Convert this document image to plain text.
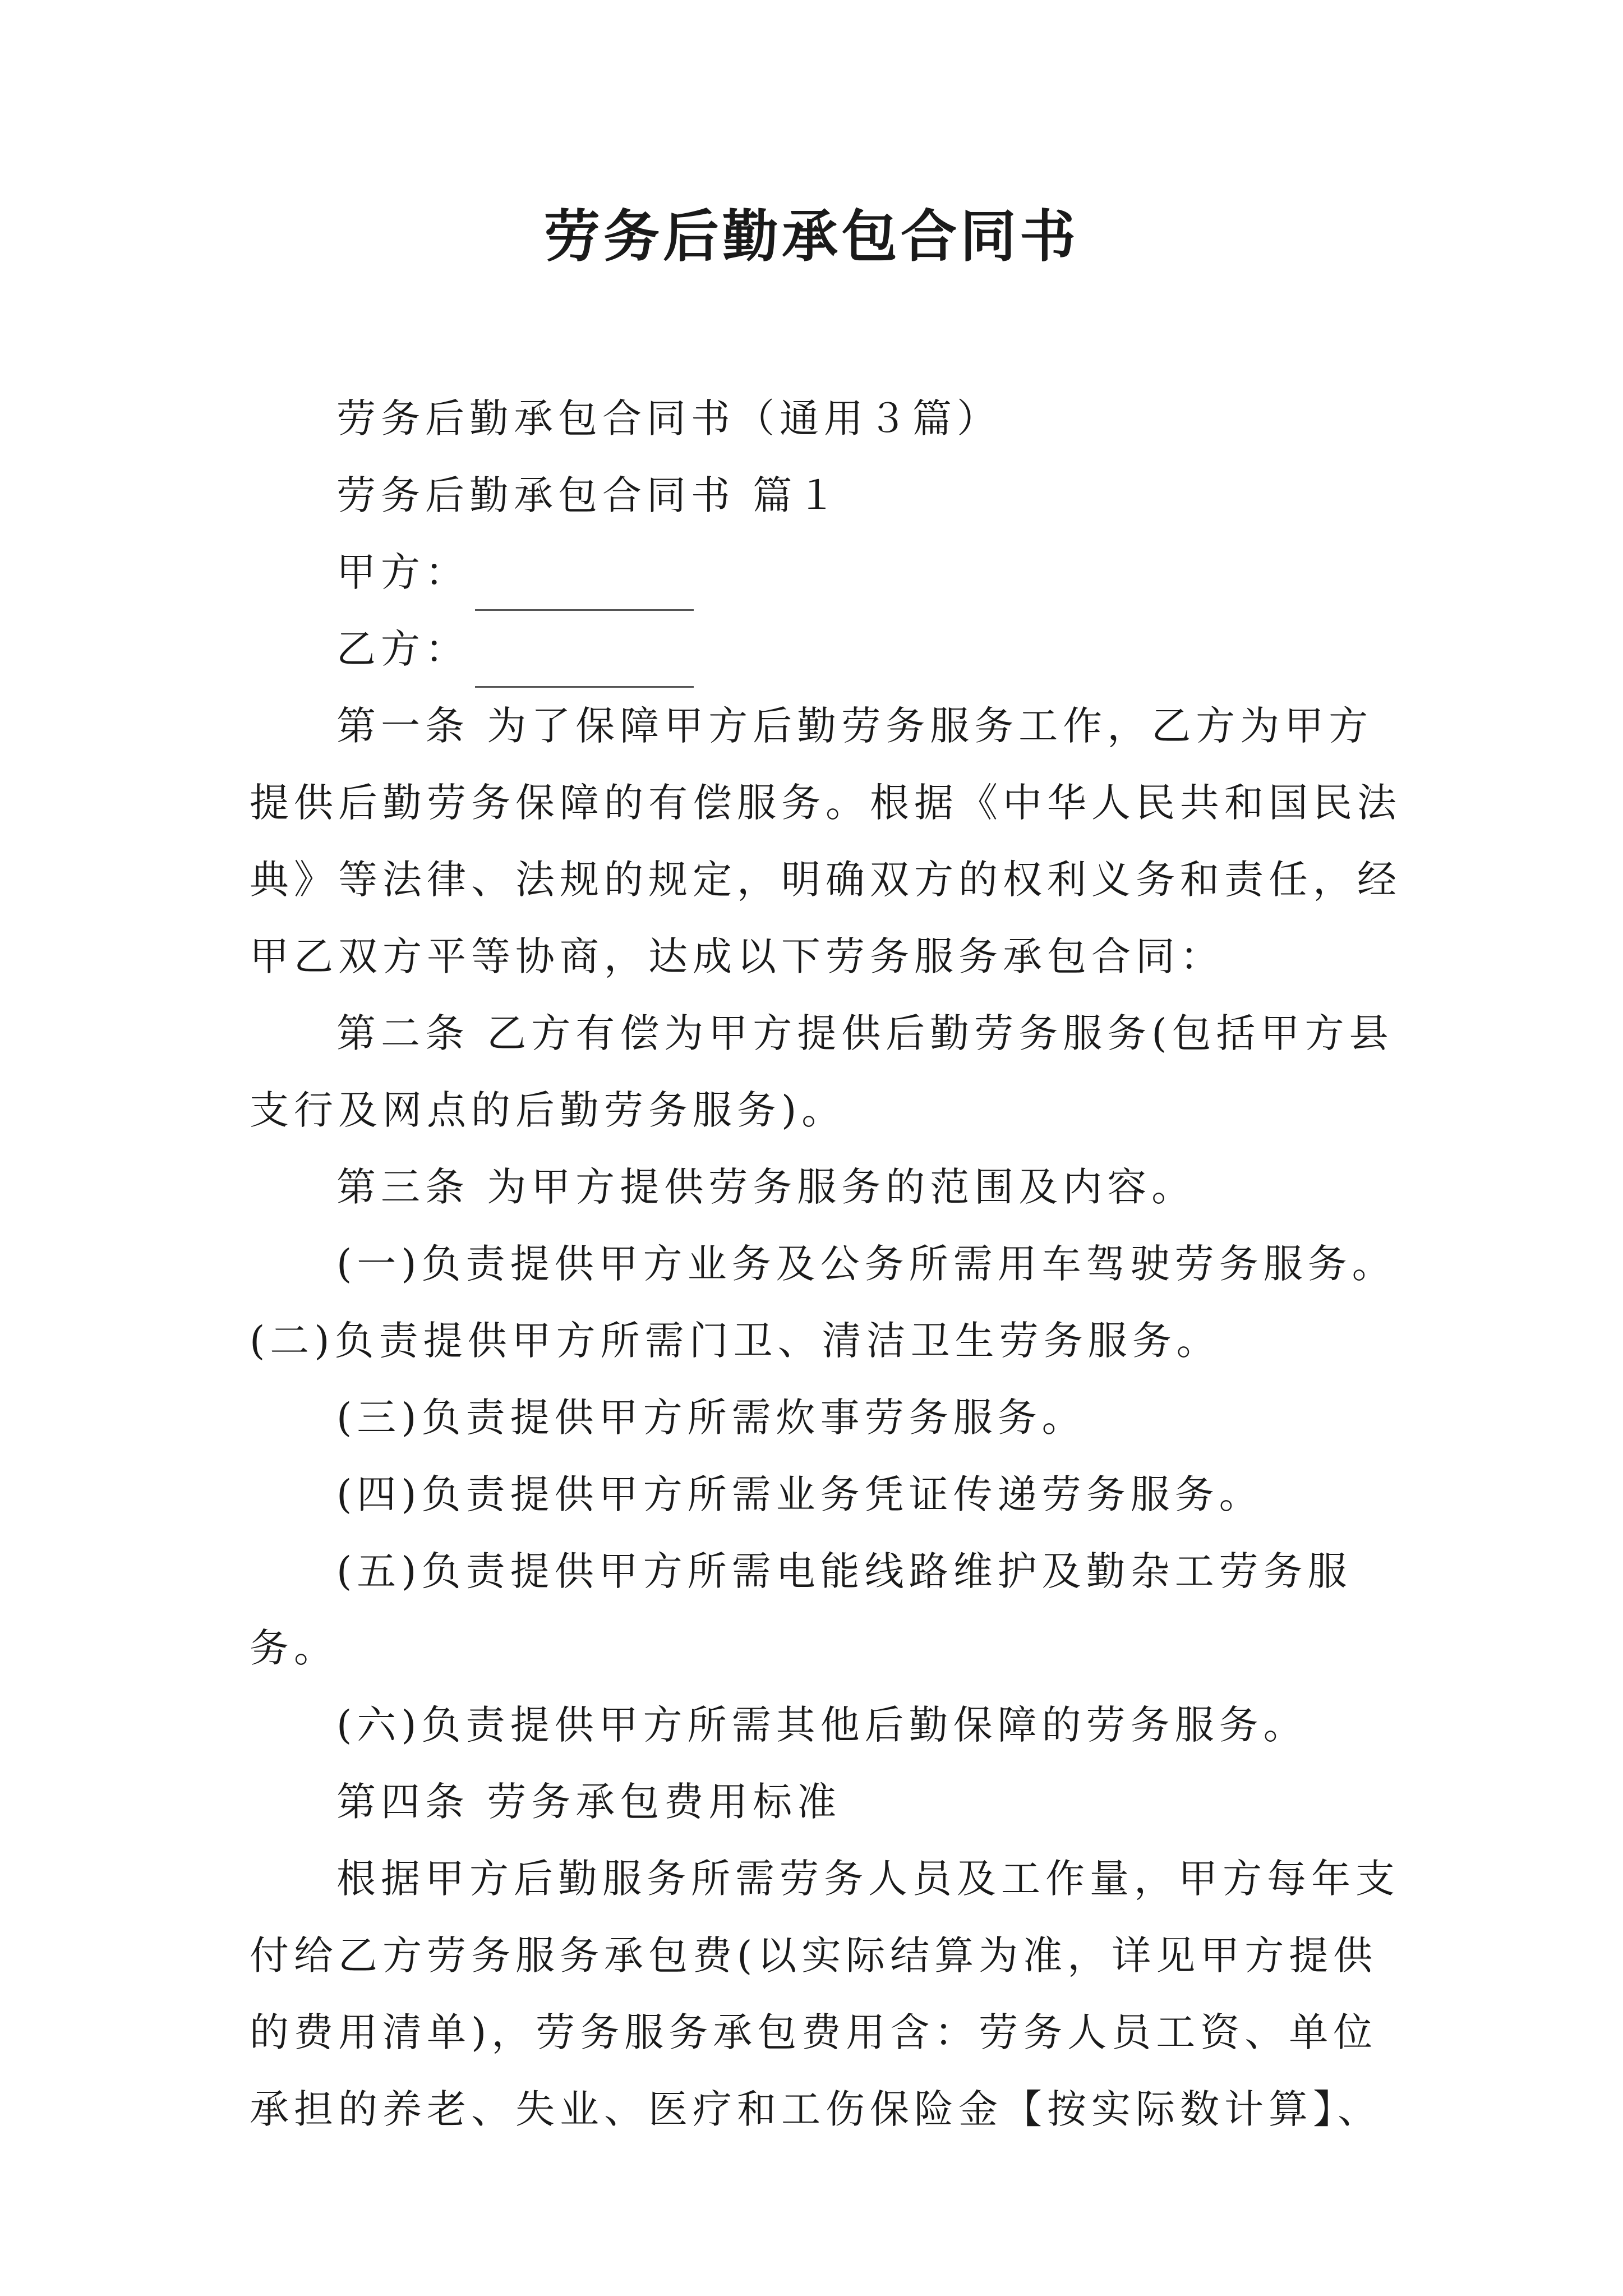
劳务后勤承包合同书

劳务后勤承包合同书（通用３篇）

劳务后勤承包合同书 篇１

甲方：

乙方：

第一条 为了保障甲方后勤劳务服务工作，乙方为甲方提供后勤劳务保障的有偿服务。根据《中华人民共和国民法典》等法律、法规的规定，明确双方的权利义务和责任，经甲乙双方平等协商，达成以下劳务服务承包合同：

第二条 乙方有偿为甲方提供后勤劳务服务(包括甲方县支行及网点的后勤劳务服务)。

第三条 为甲方提供劳务服务的范围及内容。

(一)负责提供甲方业务及公务所需用车驾驶劳务服务。

(二)负责提供甲方所需门卫、清洁卫生劳务服务。

(三)负责提供甲方所需炊事劳务服务。

(四)负责提供甲方所需业务凭证传递劳务服务。

(五)负责提供甲方所需电能线路维护及勤杂工劳务服务。

(六)负责提供甲方所需其他后勤保障的劳务服务。

第四条 劳务承包费用标准

根据甲方后勤服务所需劳务人员及工作量，甲方每年支付给乙方劳务服务承包费(以实际结算为准，详见甲方提供的费用清单)，劳务服务承包费用含：劳务人员工资、单位承担的养老、失业、医疗和工伤保险金【按实际数计算】、
